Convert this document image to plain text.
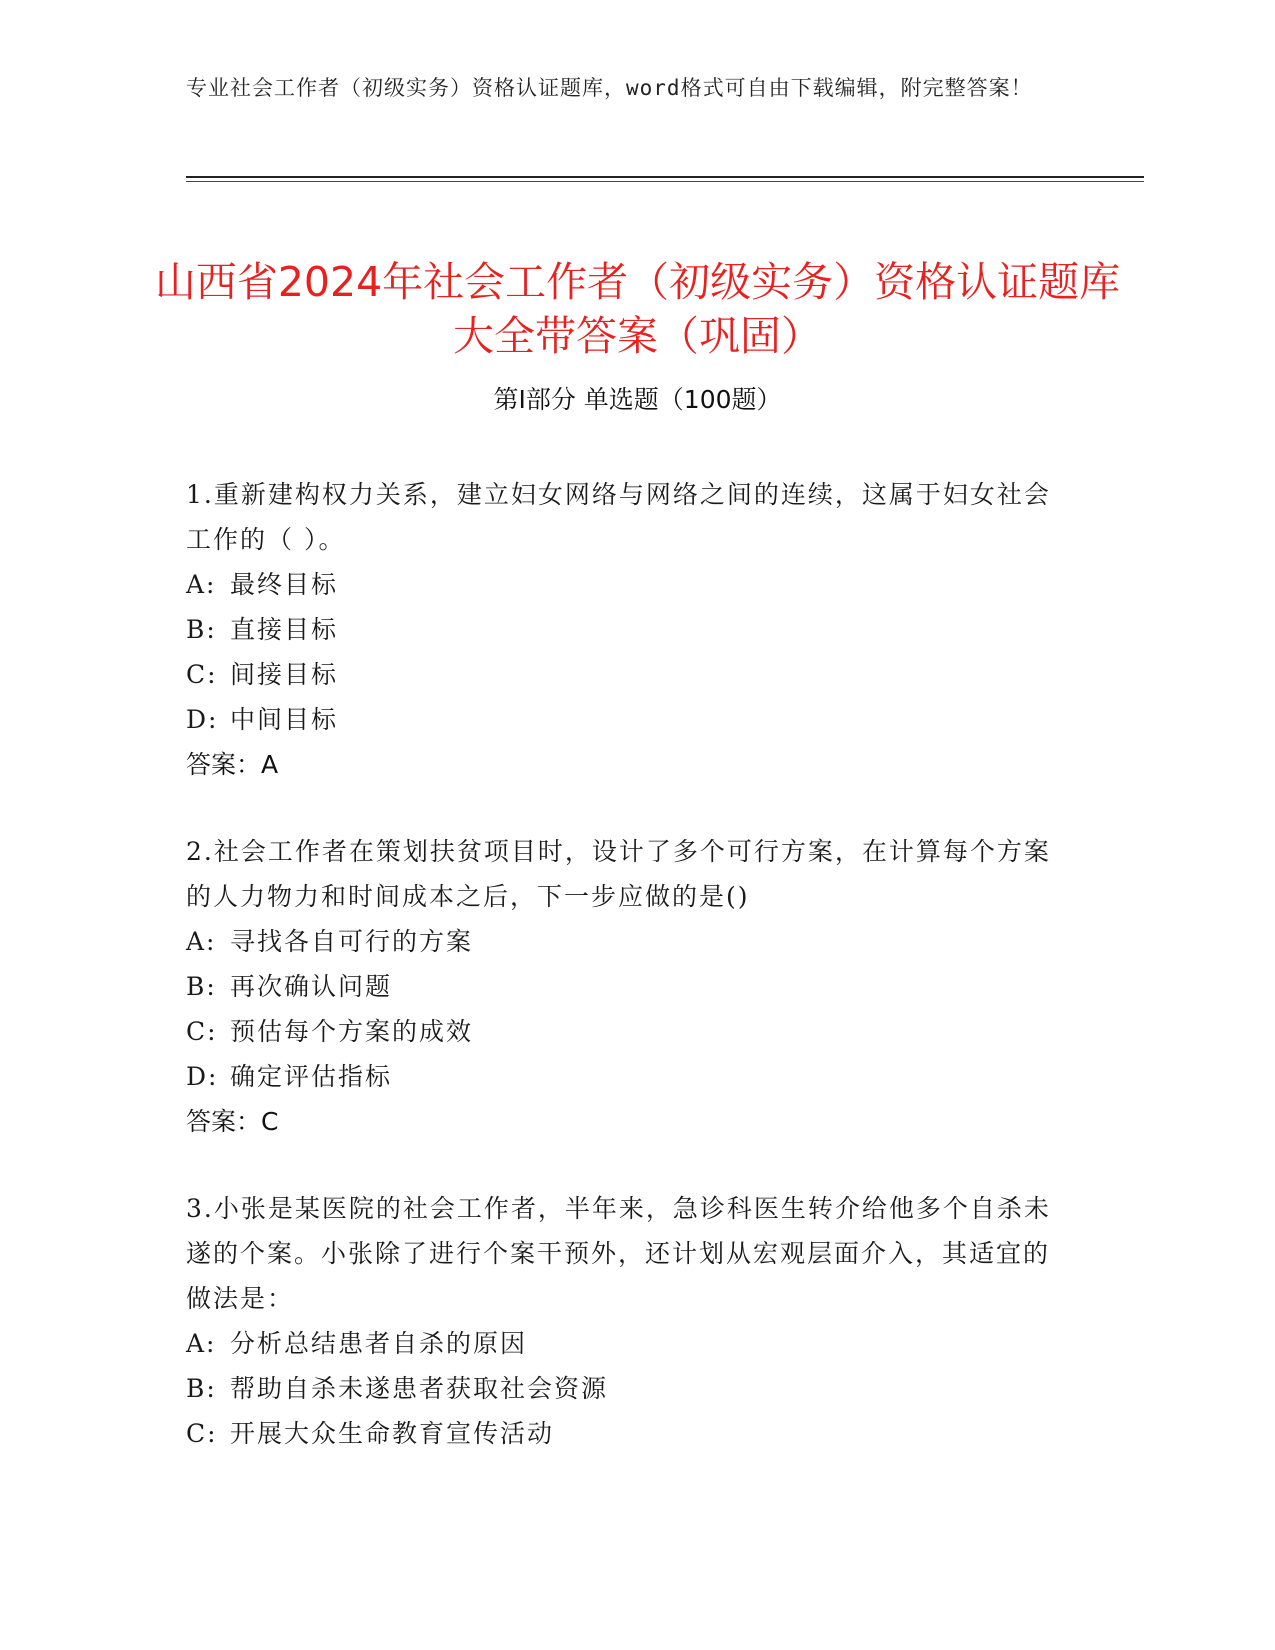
专业社会工作者（初级实务）资格认证题库，word格式可自由下载编辑，附完整答案！
山西省2024年社会工作者（初级实务）资格认证题库大全带答案（巩固）
第Ⅰ部分 单选题（100题）

1.重新建构权力关系，建立妇女网络与网络之间的连续，这属于妇女社会工作的（ ）。

A: 最终目标

B: 直接目标

C: 间接目标

D: 中间目标

答案：A

2.社会工作者在策划扶贫项目时，设计了多个可行方案，在计算每个方案的人力物力和时间成本之后，下一步应做的是()

A: 寻找各自可行的方案

B: 再次确认问题

C: 预估每个方案的成效

D: 确定评估指标

答案：C

3.小张是某医院的社会工作者，半年来，急诊科医生转介给他多个自杀未遂的个案。小张除了进行个案干预外，还计划从宏观层面介入，其适宜的做法是：

A: 分析总结患者自杀的原因

B: 帮助自杀未遂患者获取社会资源

C: 开展大众生命教育宣传活动
